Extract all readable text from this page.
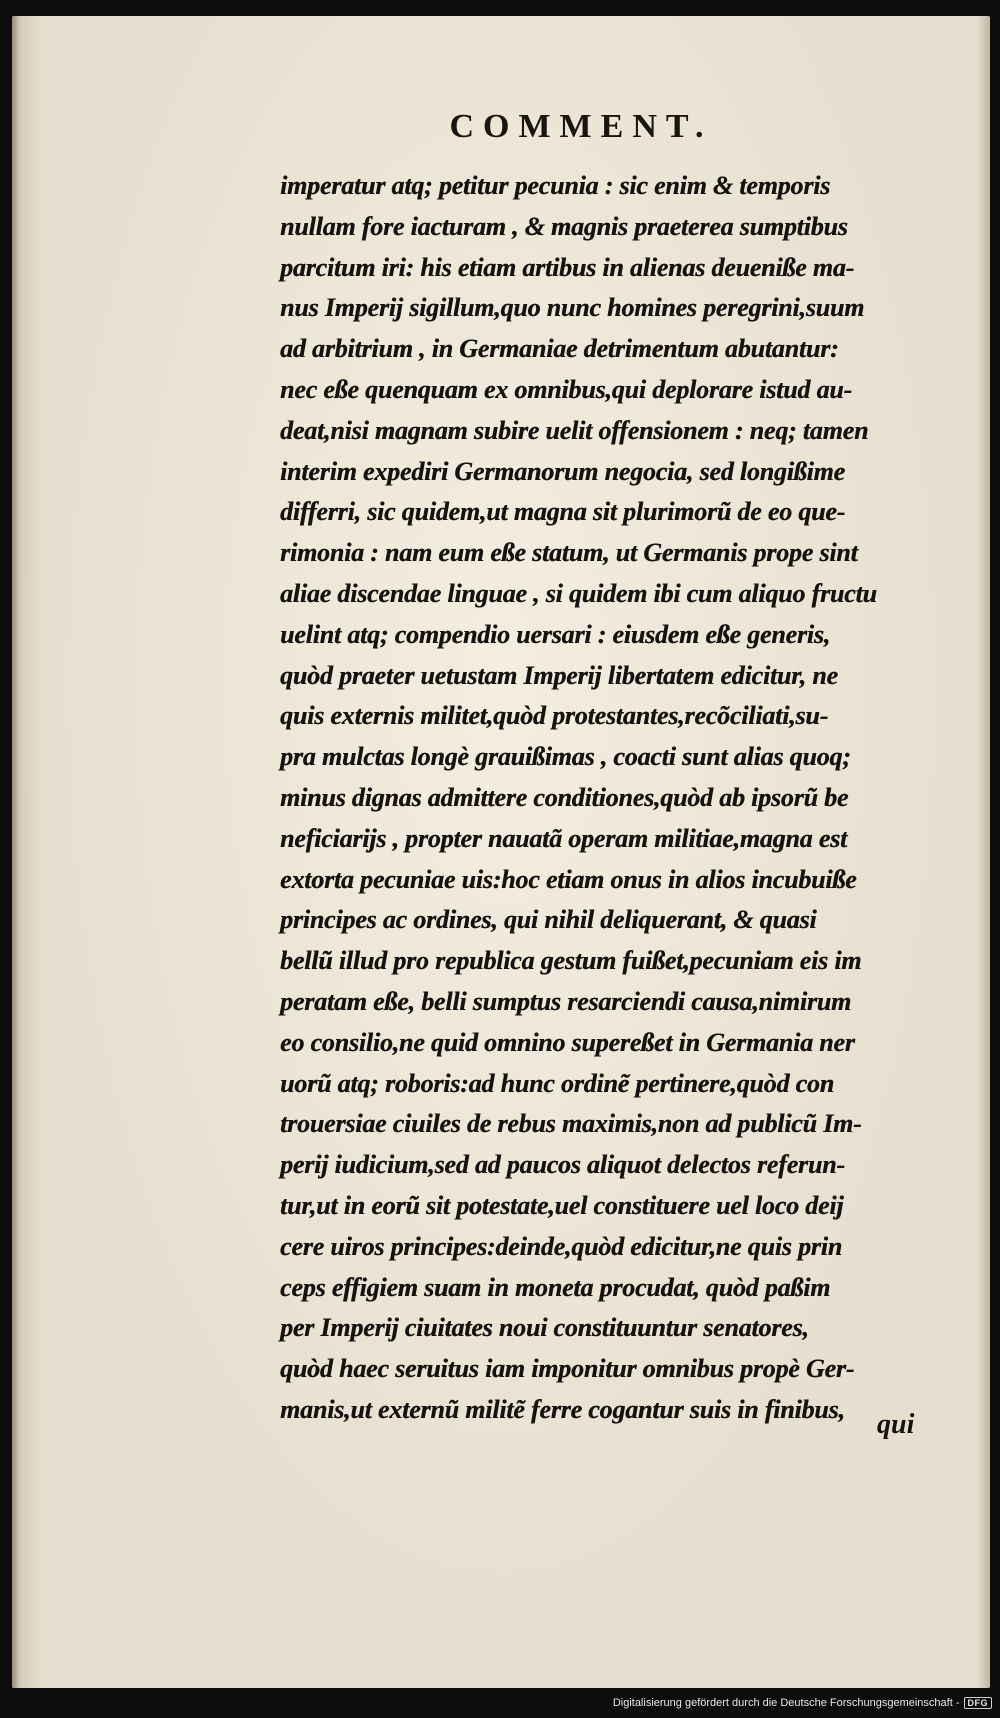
COMMENT.
imperatur atq; petitur pecunia : sic enim & temporis
nullam fore iacturam , & magnis praeterea sumptibus
parcitum iri: his etiam artibus in alienas deueniße ma-
nus Imperij sigillum,quo nunc homines peregrini,suum
ad arbitrium , in Germaniae detrimentum abutantur:
nec eße quenquam ex omnibus,qui deplorare istud au-
deat,nisi magnam subire uelit offensionem : neq; tamen
interim expediri Germanorum negocia, sed longißime
differri, sic quidem,ut magna sit plurimorũ de eo que-
rimonia : nam eum eße statum, ut Germanis prope sint
aliae discendae linguae , si quidem ibi cum aliquo fructu
uelint atq; compendio uersari : eiusdem eße generis,
quòd praeter uetustam Imperij libertatem edicitur, ne
quis externis militet,quòd protestantes,recõciliati,su-
pra mulctas longè grauißimas , coacti sunt alias quoq;
minus dignas admittere conditiones,quòd ab ipsorũ be
neficiarijs , propter nauatã operam militiae,magna est
extorta pecuniae uis:hoc etiam onus in alios incubuiße
principes ac ordines, qui nihil deliquerant, & quasi
bellũ illud pro republica gestum fuißet,pecuniam eis im
peratam eße, belli sumptus resarciendi causa,nimirum
eo consilio,ne quid omnino supereßet in Germania ner
uorũ atq; roboris:ad hunc ordinẽ pertinere,quòd con
trouersiae ciuiles de rebus maximis,non ad publicũ Im-
perij iudicium,sed ad paucos aliquot delectos referun-
tur,ut in eorũ sit potestate,uel constituere uel loco deij
cere uiros principes:deinde,quòd edicitur,ne quis prin
ceps effigiem suam in moneta procudat, quòd paßim
per Imperij ciuitates noui constituuntur senatores,
quòd haec seruitus iam imponitur omnibus propè Ger-
manis,ut externũ militẽ ferre cogantur suis in finibus,	qui
Digitalisierung gefördert durch die Deutsche Forschungsgemeinschaft - DFG
